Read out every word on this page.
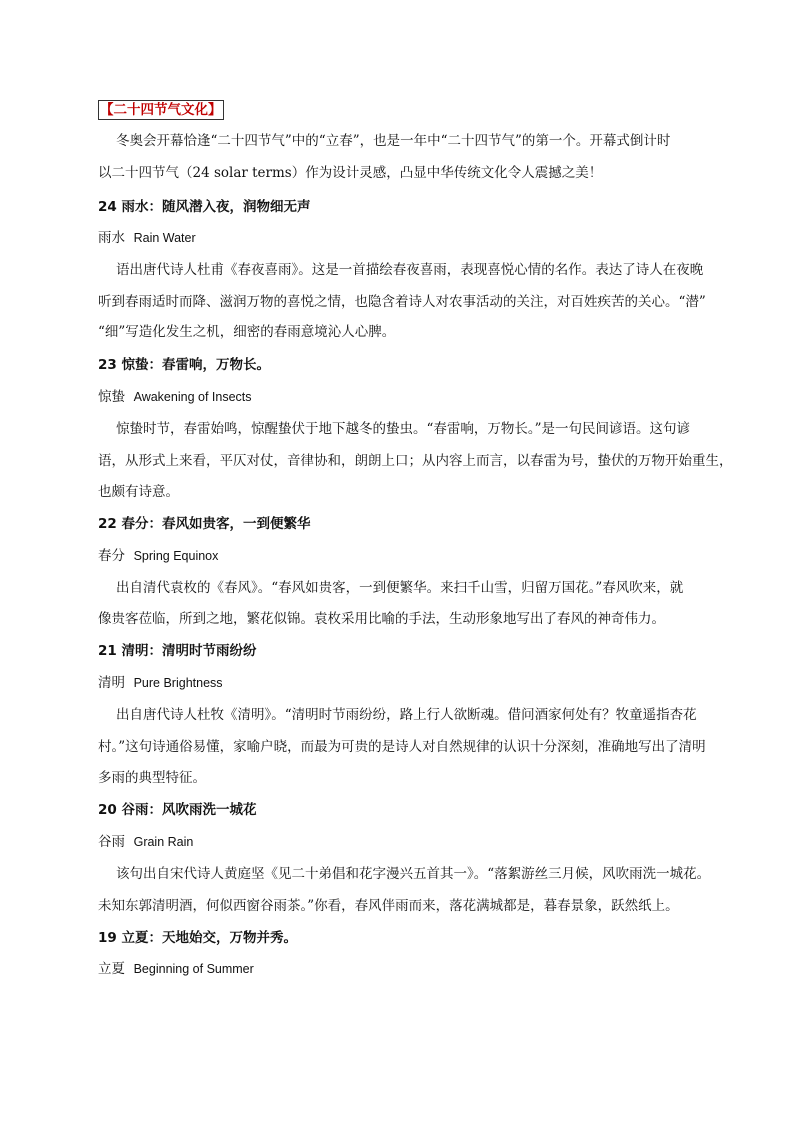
【二十四节气文化】
冬奥会开幕恰逢“二十四节气”中的“立春”，也是一年中“二十四节气”的第一个。开幕式倒计时
以二十四节气（24 solar terms）作为设计灵感，凸显中华传统文化令人震撼之美！
24 雨水：随风潜入夜，润物细无声
雨水 Rain Water
语出唐代诗人杜甫《春夜喜雨》。这是一首描绘春夜喜雨，表现喜悦心情的名作。表达了诗人在夜晚
听到春雨适时而降、滋润万物的喜悦之情，也隐含着诗人对农事活动的关注，对百姓疾苦的关心。“潜”
“细”写造化发生之机，细密的春雨意境沁人心脾。
23 惊蛰：春雷响，万物长。
惊蛰 Awakening of Insects
惊蛰时节，春雷始鸣，惊醒蛰伏于地下越冬的蛰虫。“春雷响，万物长。”是一句民间谚语。这句谚
语，从形式上来看，平仄对仗，音律协和，朗朗上口；从内容上而言，以春雷为号，蛰伏的万物开始重生，
也颇有诗意。
22 春分：春风如贵客，一到便繁华
春分 Spring Equinox
出自清代袁枚的《春风》。“春风如贵客，一到便繁华。来扫千山雪，归留万国花。”春风吹来，就
像贵客莅临，所到之地，繁花似锦。袁枚采用比喻的手法，生动形象地写出了春风的神奇伟力。
21 清明：清明时节雨纷纷
清明 Pure Brightness
出自唐代诗人杜牧《清明》。“清明时节雨纷纷，路上行人欲断魂。借问酒家何处有？牧童遥指杏花
村。”这句诗通俗易懂，家喻户晓，而最为可贵的是诗人对自然规律的认识十分深刻，准确地写出了清明
多雨的典型特征。
20 谷雨：风吹雨洗一城花
谷雨 Grain Rain
该句出自宋代诗人黄庭坚《见二十弟倡和花字漫兴五首其一》。“落絮游丝三月候，风吹雨洗一城花。
未知东郭清明酒，何似西窗谷雨茶。”你看，春风伴雨而来，落花满城都是，暮春景象，跃然纸上。
19 立夏：天地始交，万物并秀。
立夏 Beginning of Summer
